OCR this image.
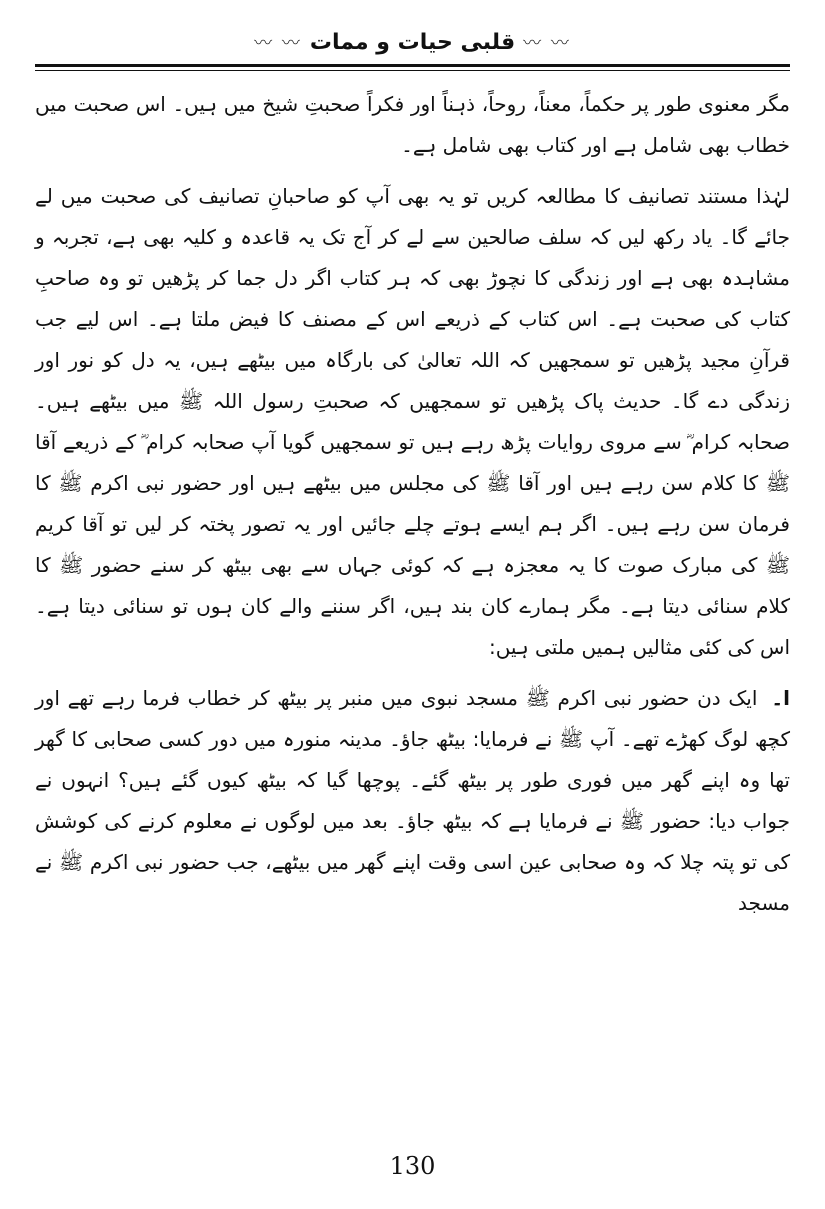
〰 〰
قلبی حیات و ممات
〰 〰

مگر معنوی طور پر حکماً، معناً، روحاً، ذہناً اور فکراً صحبتِ شیخ میں ہیں۔ اس صحبت میں خطاب بھی شامل ہے اور کتاب بھی شامل ہے۔

لہٰذا مستند تصانیف کا مطالعہ کریں تو یہ بھی آپ کو صاحبانِ تصانیف کی صحبت میں لے جائے گا۔ یاد رکھ لیں کہ سلف صالحین سے لے کر آج تک یہ قاعدہ و کلیہ بھی ہے، تجربہ و مشاہدہ بھی ہے اور زندگی کا نچوڑ بھی کہ ہر کتاب اگر دل جما کر پڑھیں تو وہ صاحبِ کتاب کی صحبت ہے۔ اس کتاب کے ذریعے اس کے مصنف کا فیض ملتا ہے۔ اس لیے جب قرآنِ مجید پڑھیں تو سمجھیں کہ اللہ تعالیٰ کی بارگاہ میں بیٹھے ہیں، یہ دل کو نور اور زندگی دے گا۔ حدیث پاک پڑھیں تو سمجھیں کہ صحبتِ رسول اللہ ﷺ میں بیٹھے ہیں۔ صحابہ کرام ؓ سے مروی روایات پڑھ رہے ہیں تو سمجھیں گویا آپ صحابہ کرام ؓ کے ذریعے آقا ﷺ کا کلام سن رہے ہیں اور آقا ﷺ کی مجلس میں بیٹھے ہیں اور حضور نبی اکرم ﷺ کا فرمان سن رہے ہیں۔ اگر ہم ایسے ہوتے چلے جائیں اور یہ تصور پختہ کر لیں تو آقا کریم ﷺ کی مبارک صوت کا یہ معجزہ ہے کہ کوئی جہاں سے بھی بیٹھ کر سنے حضور ﷺ کا کلام سنائی دیتا ہے۔ مگر ہمارے کان بند ہیں، اگر سننے والے کان ہوں تو سنائی دیتا ہے۔ اس کی کئی مثالیں ہمیں ملتی ہیں:

ا۔ایک دن حضور نبی اکرم ﷺ مسجد نبوی میں منبر پر بیٹھ کر خطاب فرما رہے تھے اور کچھ لوگ کھڑے تھے۔ آپ ﷺ نے فرمایا: بیٹھ جاؤ۔ مدینہ منورہ میں دور کسی صحابی کا گھر تھا وہ اپنے گھر میں فوری طور پر بیٹھ گئے۔ پوچھا گیا کہ بیٹھ کیوں گئے ہیں؟ انہوں نے جواب دیا: حضور ﷺ نے فرمایا ہے کہ بیٹھ جاؤ۔ بعد میں لوگوں نے معلوم کرنے کی کوشش کی تو پتہ چلا کہ وہ صحابی عین اسی وقت اپنے گھر میں بیٹھے، جب حضور نبی اکرم ﷺ نے مسجد

130
